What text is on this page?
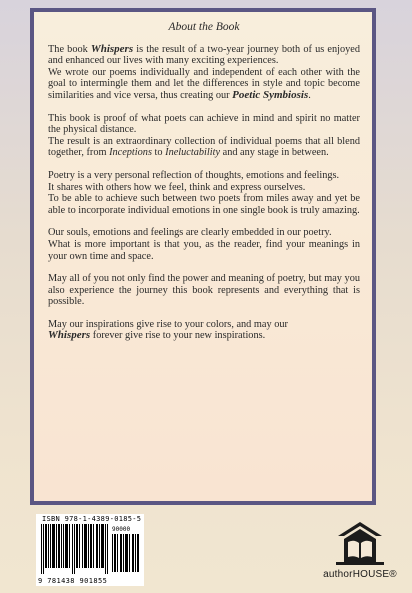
About the Book

The book Whispers is the result of a two-year journey both of us enjoyed and enhanced our lives with many exciting experiences.

We wrote our poems individually and independent of each other with the goal to intermingle them and let the differences in style and topic become similarities and vice versa, thus creating our Poetic Symbiosis.

This book is proof of what poets can achieve in mind and spirit no matter the physical distance.

The result is an extraordinary collection of individual poems that all blend together, from Inceptions to Ineluctability and any stage in between.

Poetry is a very personal reflection of thoughts, emotions and feelings.

It shares with others how we feel, think and express ourselves.

To be able to achieve such between two poets from miles away and yet be able to incorporate individual emotions in one single book is truly amazing.

Our souls, emotions and feelings are clearly embedded in our poetry.

What is more important is that you, as the reader, find your meanings in your own time and space.

May all of you not only find the power and meaning of poetry, but may you also experience the journey this book represents and everything that is possible.

May our inspirations give rise to your colors, and may our

Whispers forever give rise to your new inspirations.

ISBN 978-1-4389-0185-5
90000
9 781438 901855
authorHOUSE®
